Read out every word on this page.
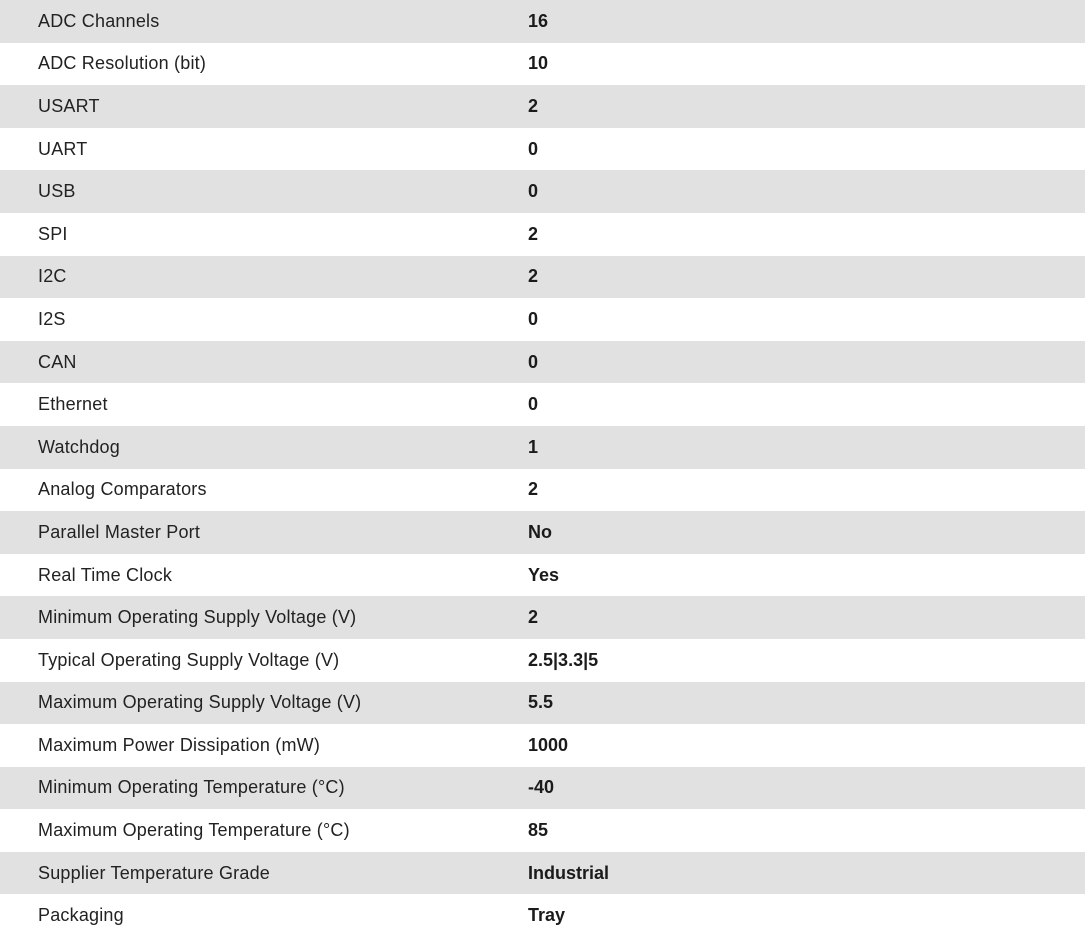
ADC Channels	16
ADC Resolution (bit)	10
USART	2
UART	0
USB	0
SPI	2
I2C	2
I2S	0
CAN	0
Ethernet	0
Watchdog	1
Analog Comparators	2
Parallel Master Port	No
Real Time Clock	Yes
Minimum Operating Supply Voltage (V)	2
Typical Operating Supply Voltage (V)	2.5|3.3|5
Maximum Operating Supply Voltage (V)	5.5
Maximum Power Dissipation (mW)	1000
Minimum Operating Temperature (°C)	-40
Maximum Operating Temperature (°C)	85
Supplier Temperature Grade	Industrial
Packaging	Tray
